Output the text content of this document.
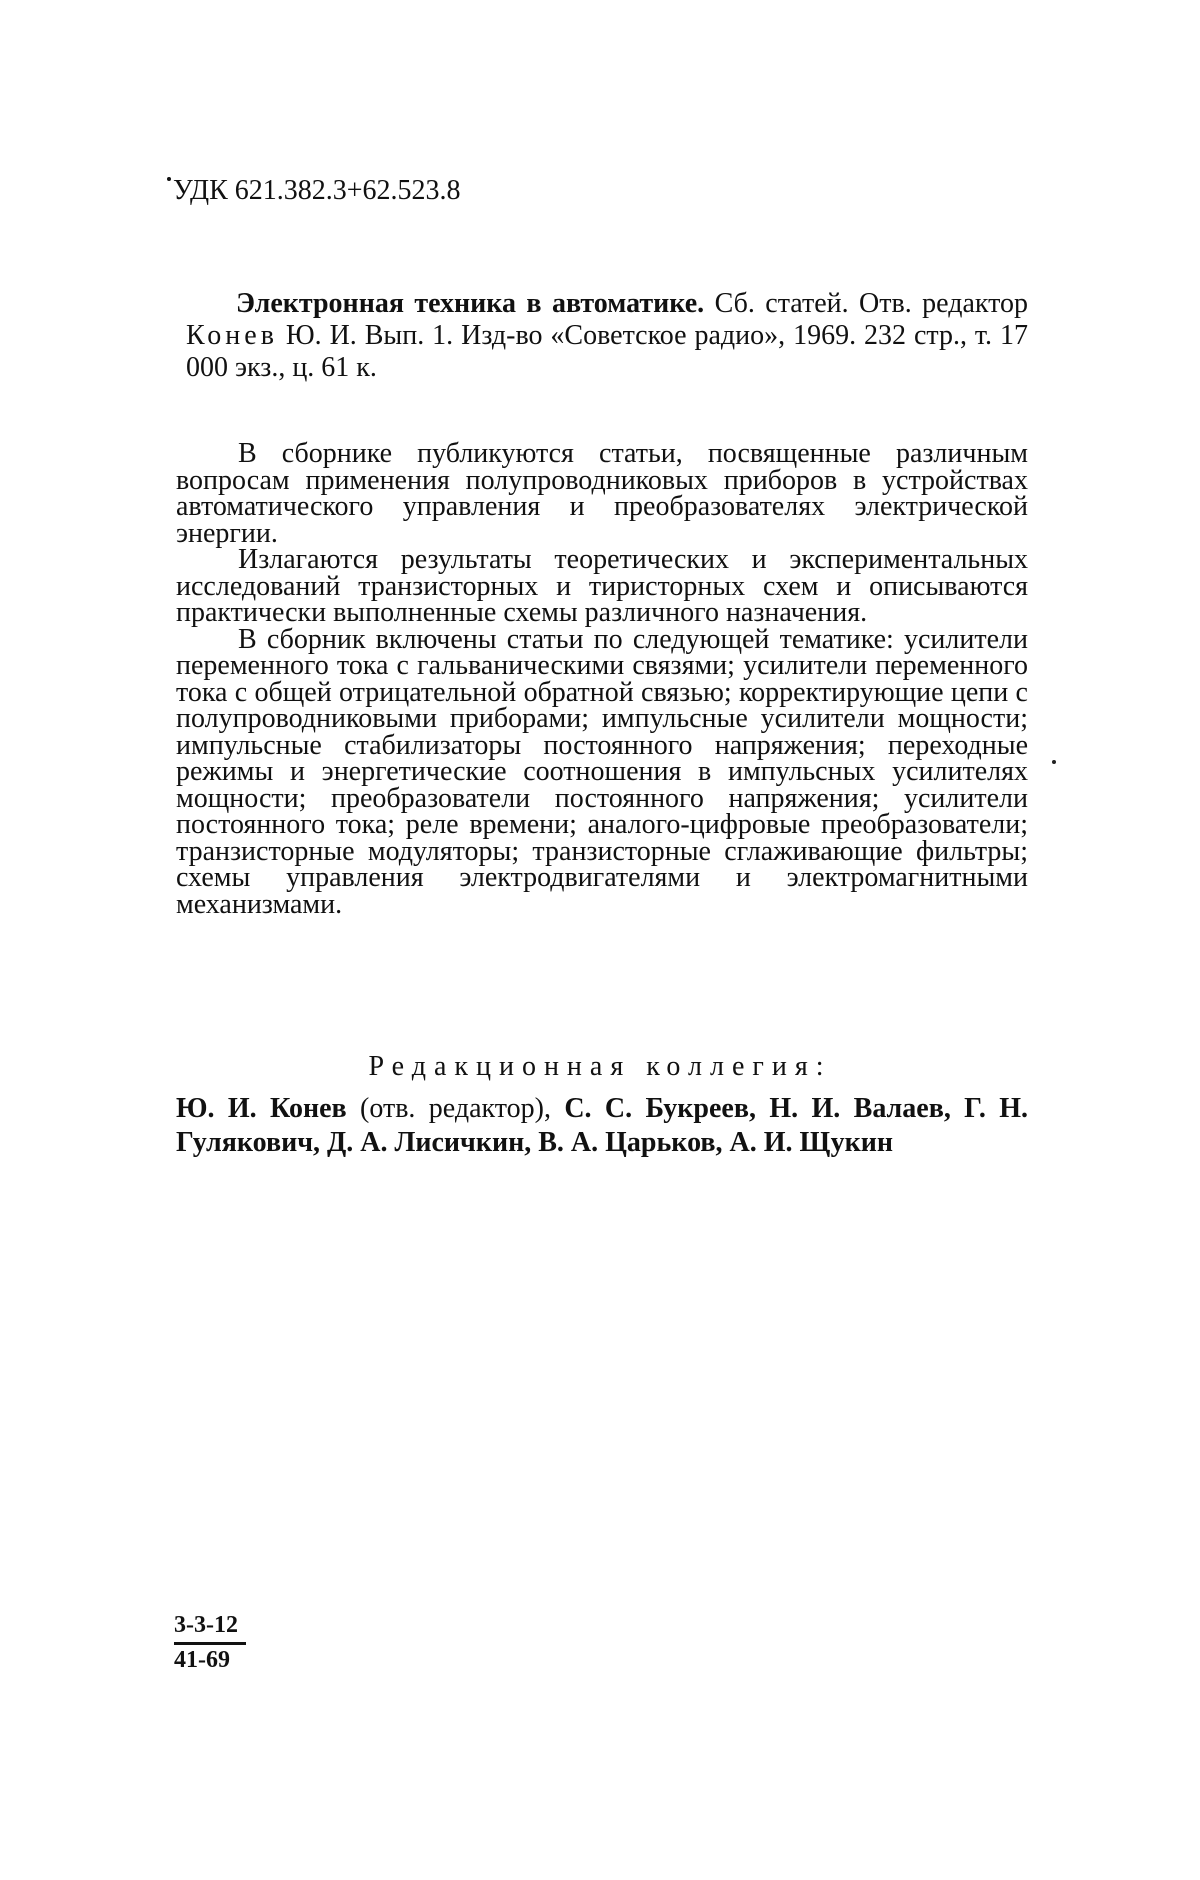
УДК 621.382.3+62.523.8
Электронная техника в автоматике. Сб. статей. Отв. редактор Конев Ю. И. Вып. 1. Изд-во «Советское радио», 1969. 232 стр., т. 17 000 экз., ц. 61 к.

В сборнике публикуются статьи, посвященные различным вопросам применения полупроводниковых приборов в устройствах автоматического управления и преобразователях электрической энергии.

Излагаются результаты теоретических и экспериментальных исследований транзисторных и тиристорных схем и описываются практически выполненные схемы различного назначения.

В сборник включены статьи по следующей тематике: усилители переменного тока с гальваническими связями; усилители переменного тока с общей отрицательной обратной связью; корректирующие цепи с полупроводниковыми приборами; импульсные усилители мощности; импульсные стабилизаторы постоянного напряжения; переходные режимы и энергетические соотношения в импульсных усилителях мощности; преобразователи постоянного напряжения; усилители постоянного тока; реле времени; аналого-цифровые преобразователи; транзисторные модуляторы; транзисторные сглаживающие фильтры; схемы управления электродвигателями и электромагнитными механизмами.

Редакционная коллегия:
Ю. И. Конев (отв. редактор), С. С. Букреев, Н. И. Валаев, Г. Н. Гулякович, Д. А. Лисичкин, В. А. Царьков, А. И. Щукин
$\frac{3-3-12}{41-69}$
